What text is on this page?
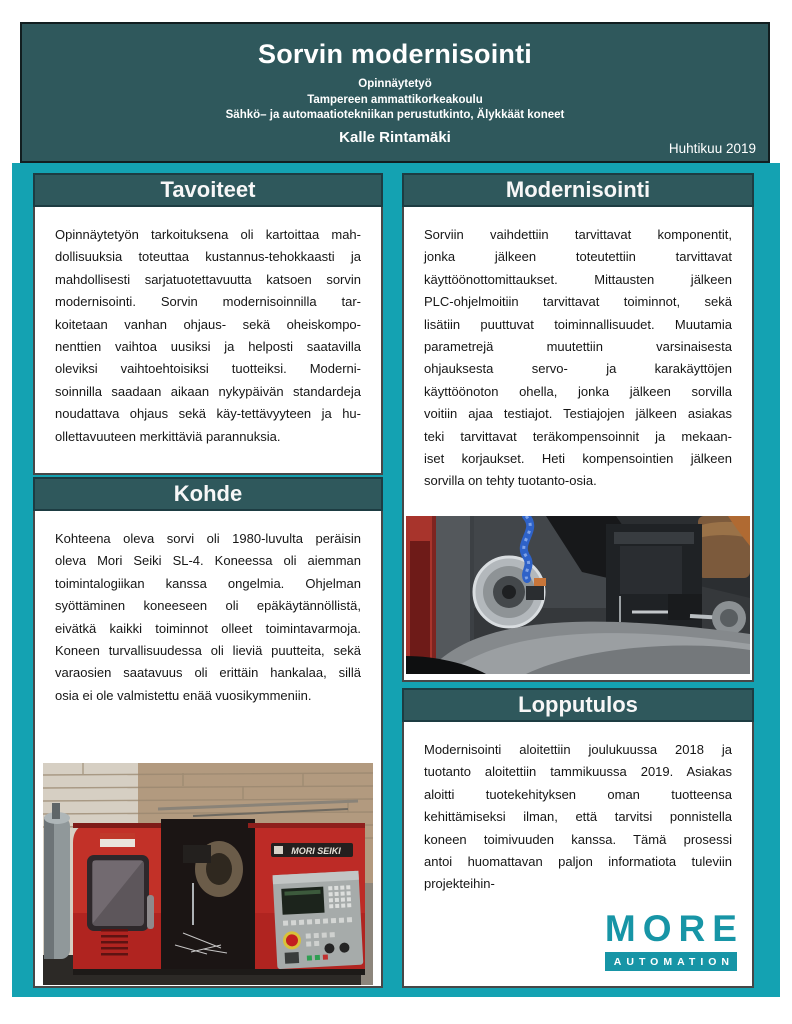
Sorvin modernisointi
Opinnäytetyö
Tampereen ammattikorkeakoulu
Sähkö– ja automaatiotekniikan perustutkinto, Älykkäät koneet
Kalle Rintamäki
Huhtikuu 2019
Tavoiteet
Opinnäytetyön tarkoituksena oli kartoittaa mah-
dollisuuksia toteuttaa kustannus-tehokkaasti ja
mahdollisesti sarjatuotettavuutta katsoen sorvin
modernisointi. Sorvin modernisoinnilla tar-
koitetaan vanhan ohjaus- sekä oheiskompo-
nenttien vaihtoa uusiksi ja helposti saatavilla
oleviksi vaihtoehtoisiksi tuotteiksi. Moderni-
soinnilla saadaan aikaan nykypäivän standardeja
noudattava ohjaus sekä käy-tettävyyteen ja hu-
ollettavuuteen merkittäviä parannuksia.
Kohde
Kohteena oleva sorvi oli 1980-luvulta peräisin
oleva Mori Seiki SL-4. Koneessa oli aiemman
toimintalogiikan kanssa ongelmia. Ohjelman
syöttäminen koneeseen oli epäkäytännöllistä,
eivätkä kaikki toiminnot olleet toimintavarmoja.
Koneen turvallisuudessa oli lieviä puutteita, sekä
varaosien saatavuus oli erittäin hankalaa, sillä
osia ei ole valmistettu enää vuosikymmeniin.
MORI SEIKI
Modernisointi
Sorviin vaihdettiin tarvittavat komponentit,
jonka jälkeen toteutettiin tarvittavat
käyttöönottomittaukset. Mittausten jälkeen
PLC-ohjelmoitiin tarvittavat toiminnot, sekä
lisätiin puuttuvat toiminnallisuudet. Muutamia
parametrejä muutettiin varsinaisesta
ohjauksesta servo- ja karakäyttöjen
käyttöönoton ohella, jonka jälkeen sorvilla
voitiin ajaa testiajot. Testiajojen jälkeen asiakas
teki tarvittavat teräkompensoinnit ja mekaan-
iset korjaukset. Heti kompensointien jälkeen
sorvilla on tehty tuotanto-osia.
Lopputulos
Modernisointi aloitettiin joulukuussa 2018 ja
tuotanto aloitettiin tammikuussa 2019. Asiakas
aloitti tuotekehityksen oman tuotteensa
kehittämiseksi ilman, että tarvitsi ponnistella
koneen toimivuuden kanssa. Tämä prosessi
antoi huomattavan paljon informatiota tuleviin
projekteihin-
MORE
AUTOMATION
